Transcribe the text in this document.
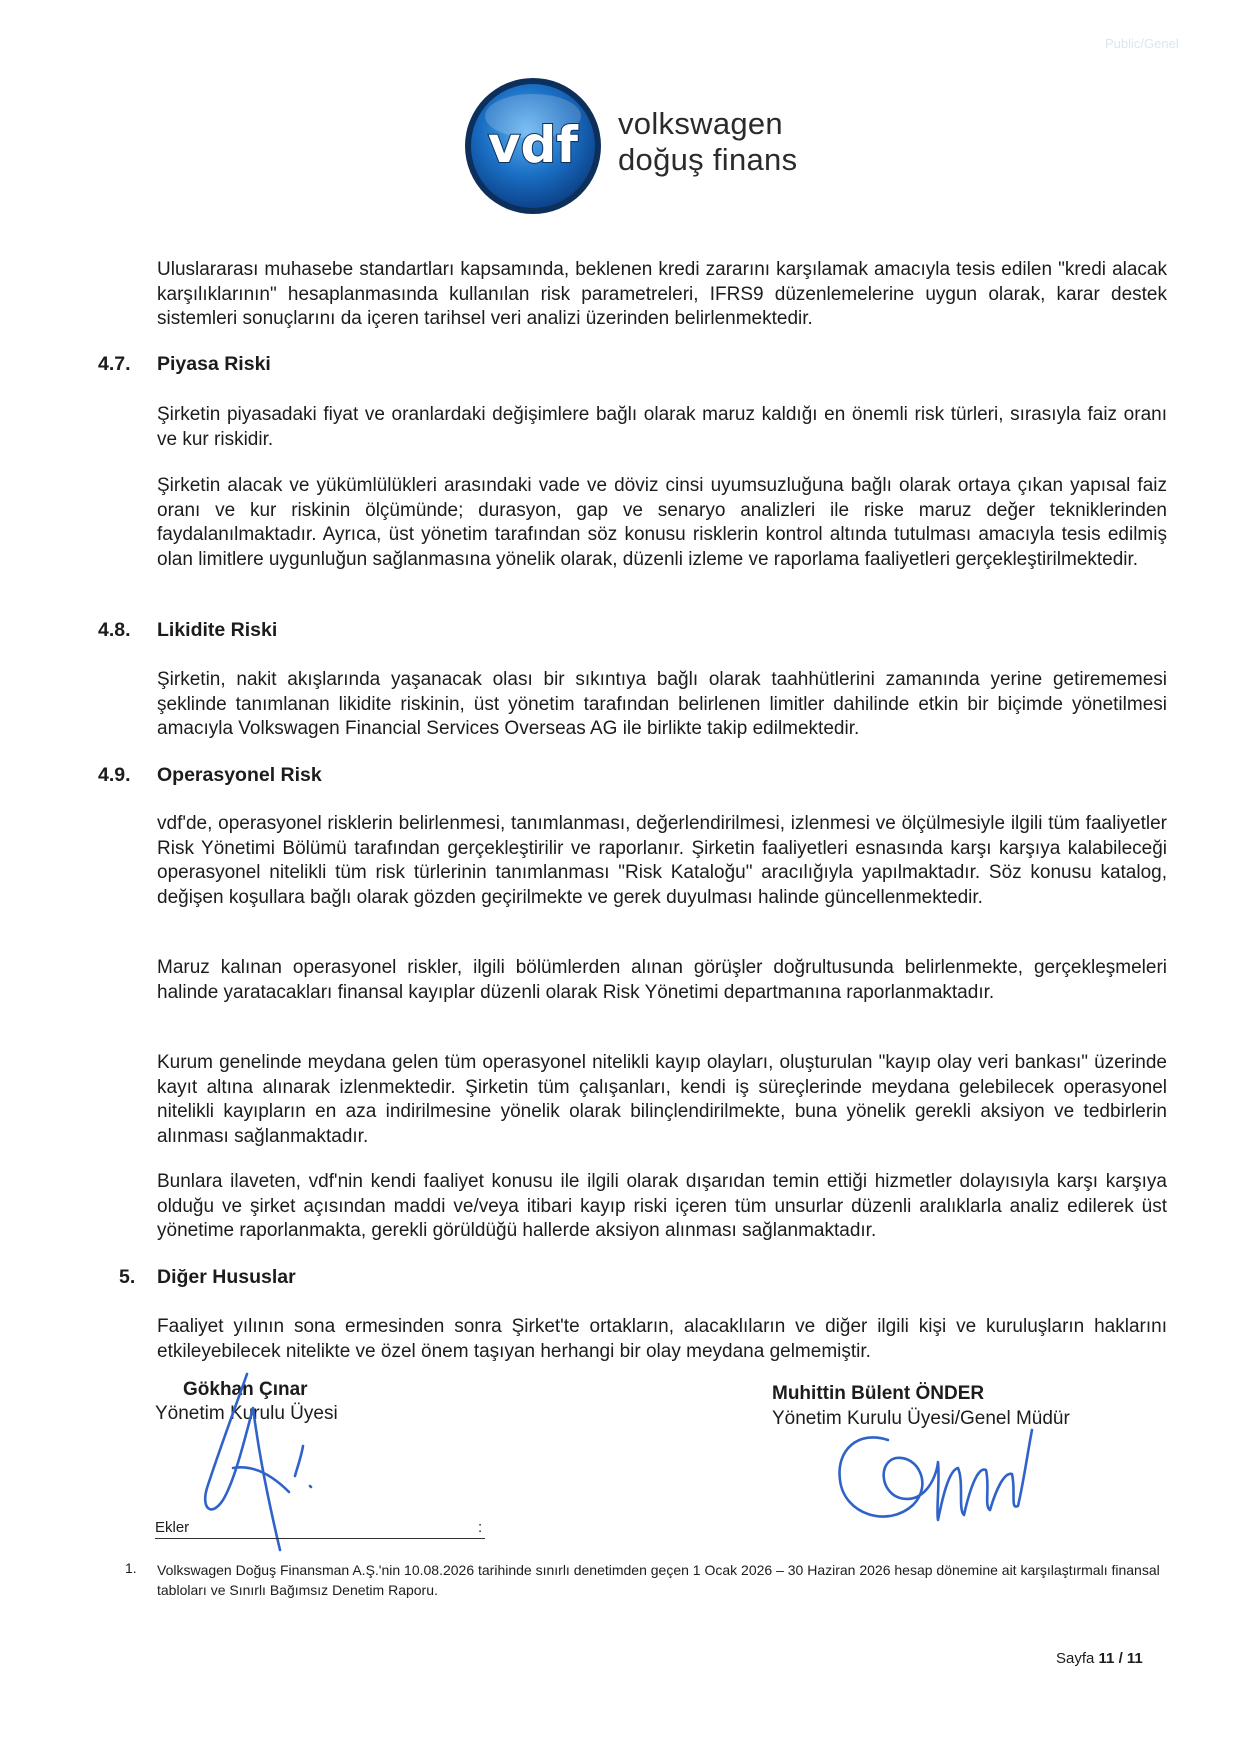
Public/Genel
vdf volkswagen
doğuş finans
Uluslararası muhasebe standartları kapsamında, beklenen kredi zararını karşılamak amacıyla tesis edilen "kredi alacak karşılıklarının" hesaplanmasında kullanılan risk parametreleri, IFRS9 düzenlemelerine uygun olarak, karar destek sistemleri sonuçlarını da içeren tarihsel veri analizi üzerinden belirlenmektedir.
4.7. Piyasa Riski
Şirketin piyasadaki fiyat ve oranlardaki değişimlere bağlı olarak maruz kaldığı en önemli risk türleri, sırasıyla faiz oranı ve kur riskidir.
Şirketin alacak ve yükümlülükleri arasındaki vade ve döviz cinsi uyumsuzluğuna bağlı olarak ortaya çıkan yapısal faiz oranı ve kur riskinin ölçümünde; durasyon, gap ve senaryo analizleri ile riske maruz değer tekniklerinden faydalanılmaktadır. Ayrıca, üst yönetim tarafından söz konusu risklerin kontrol altında tutulması amacıyla tesis edilmiş olan limitlere uygunluğun sağlanmasına yönelik olarak, düzenli izleme ve raporlama faaliyetleri gerçekleştirilmektedir.
4.8. Likidite Riski
Şirketin, nakit akışlarında yaşanacak olası bir sıkıntıya bağlı olarak taahhütlerini zamanında yerine getirememesi şeklinde tanımlanan likidite riskinin, üst yönetim tarafından belirlenen limitler dahilinde etkin bir biçimde yönetilmesi amacıyla Volkswagen Financial Services Overseas AG ile birlikte takip edilmektedir.
4.9. Operasyonel Risk
vdf'de, operasyonel risklerin belirlenmesi, tanımlanması, değerlendirilmesi, izlenmesi ve ölçülmesiyle ilgili tüm faaliyetler Risk Yönetimi Bölümü tarafından gerçekleştirilir ve raporlanır. Şirketin faaliyetleri esnasında karşı karşıya kalabileceği operasyonel nitelikli tüm risk türlerinin tanımlanması "Risk Kataloğu" aracılığıyla yapılmaktadır. Söz konusu katalog, değişen koşullara bağlı olarak gözden geçirilmekte ve gerek duyulması halinde güncellenmektedir.
Maruz kalınan operasyonel riskler, ilgili bölümlerden alınan görüşler doğrultusunda belirlenmekte, gerçekleşmeleri halinde yaratacakları finansal kayıplar düzenli olarak Risk Yönetimi departmanına raporlanmaktadır.
Kurum genelinde meydana gelen tüm operasyonel nitelikli kayıp olayları, oluşturulan "kayıp olay veri bankası" üzerinde kayıt altına alınarak izlenmektedir. Şirketin tüm çalışanları, kendi iş süreçlerinde meydana gelebilecek operasyonel nitelikli kayıpların en aza indirilmesine yönelik olarak bilinçlendirilmekte, buna yönelik gerekli aksiyon ve tedbirlerin alınması sağlanmaktadır.
Bunlara ilaveten, vdf'nin kendi faaliyet konusu ile ilgili olarak dışarıdan temin ettiği hizmetler dolayısıyla karşı karşıya olduğu ve şirket açısından maddi ve/veya itibari kayıp riski içeren tüm unsurlar düzenli aralıklarla analiz edilerek üst yönetime raporlanmakta, gerekli görüldüğü hallerde aksiyon alınması sağlanmaktadır.
5. Diğer Hususlar
Faaliyet yılının sona ermesinden sonra Şirket'te ortakların, alacaklıların ve diğer ilgili kişi ve kuruluşların haklarını etkileyebilecek nitelikte ve özel önem taşıyan herhangi bir olay meydana gelmemiştir.
Gökhan Çınar
Yönetim Kurulu Üyesi
Muhittin Bülent ÖNDER
Yönetim Kurulu Üyesi/Genel Müdür
Ekler	:
1. Volkswagen Doğuş Finansman A.Ş.'nin 10.08.2026 tarihinde sınırlı denetimden geçen 1 Ocak 2026 – 30 Haziran 2026 hesap dönemine ait karşılaştırmalı finansal tabloları ve Sınırlı Bağımsız Denetim Raporu.
Sayfa 11 / 11
